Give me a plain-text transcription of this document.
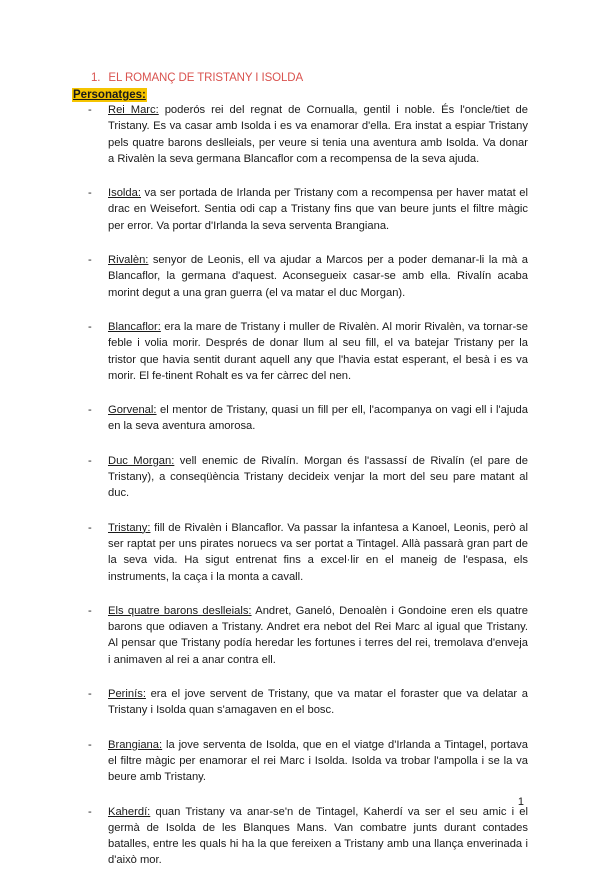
1. EL ROMANÇ DE TRISTANY I ISOLDA
Personatges:
- Rei Marc: poderós rei del regnat de Cornualla, gentil i noble. És l'oncle/tiet de Tristany. Es va casar amb Isolda i es va enamorar d'ella. Era instat a espiar Tristany pels quatre barons deslleials, per veure si tenia una aventura amb Isolda. Va donar a Rivalèn la seva germana Blancaflor com a recompensa de la seva ajuda.
- Isolda: va ser portada de Irlanda per Tristany com a recompensa per haver matat el drac en Weisefort. Sentia odi cap a Tristany fins que van beure junts el filtre màgic per error. Va portar d'Irlanda la seva serventa Brangiana.
- Rivalèn: senyor de Leonis, ell va ajudar a Marcos per a poder demanar-li la mà a Blancaflor, la germana d'aquest. Aconsegueix casar-se amb ella. Rivalín acaba morint degut a una gran guerra (el va matar el duc Morgan).
- Blancaflor: era la mare de Tristany i muller de Rivalèn. Al morir Rivalèn, va tornar-se feble i volia morir. Després de donar llum al seu fill, el va batejar Tristany per la tristor que havia sentit durant aquell any que l'havia estat esperant, el besà i es va morir. El fe-tinent Rohalt es va fer càrrec del nen.
- Gorvenal: el mentor de Tristany, quasi un fill per ell, l'acompanya on vagi ell i l'ajuda en la seva aventura amorosa.
- Duc Morgan: vell enemic de Rivalín. Morgan és l'assassí de Rivalín (el pare de Tristany), a conseqüència Tristany decideix venjar la mort del seu pare matant al duc.
- Tristany: fill de Rivalèn i Blancaflor. Va passar la infantesa a Kanoel, Leonis, però al ser raptat per uns pirates noruecs va ser portat a Tintagel. Allà passarà gran part de la seva vida. Ha sigut entrenat fins a excel·lir en el maneig de l'espasa, els instruments, la caça i la monta a cavall.
- Els quatre barons deslleials: Andret, Ganeló, Denoalèn i Gondoine eren els quatre barons que odiaven a Tristany. Andret era nebot del Rei Marc al igual que Tristany. Al pensar que Tristany podía heredar les fortunes i terres del rei, tremolava d'enveja i animaven al rei a anar contra ell.
- Perinís: era el jove servent de Tristany, que va matar el foraster que va delatar a Tristany i Isolda quan s'amagaven en el bosc.
- Brangiana: la jove serventa de Isolda, que en el viatge d'Irlanda a Tintagel, portava el filtre màgic per enamorar el rei Marc i Isolda. Isolda va trobar l'ampolla i se la va beure amb Tristany.
- Kaherdí: quan Tristany va anar-se'n de Tintagel, Kaherdí va ser el seu amic i el germà de Isolda de les Blanques Mans. Van combatre junts durant contades batalles, entre les quals hi ha la que fereixen a Tristany amb una llança enverinada i d'això mor.
1
